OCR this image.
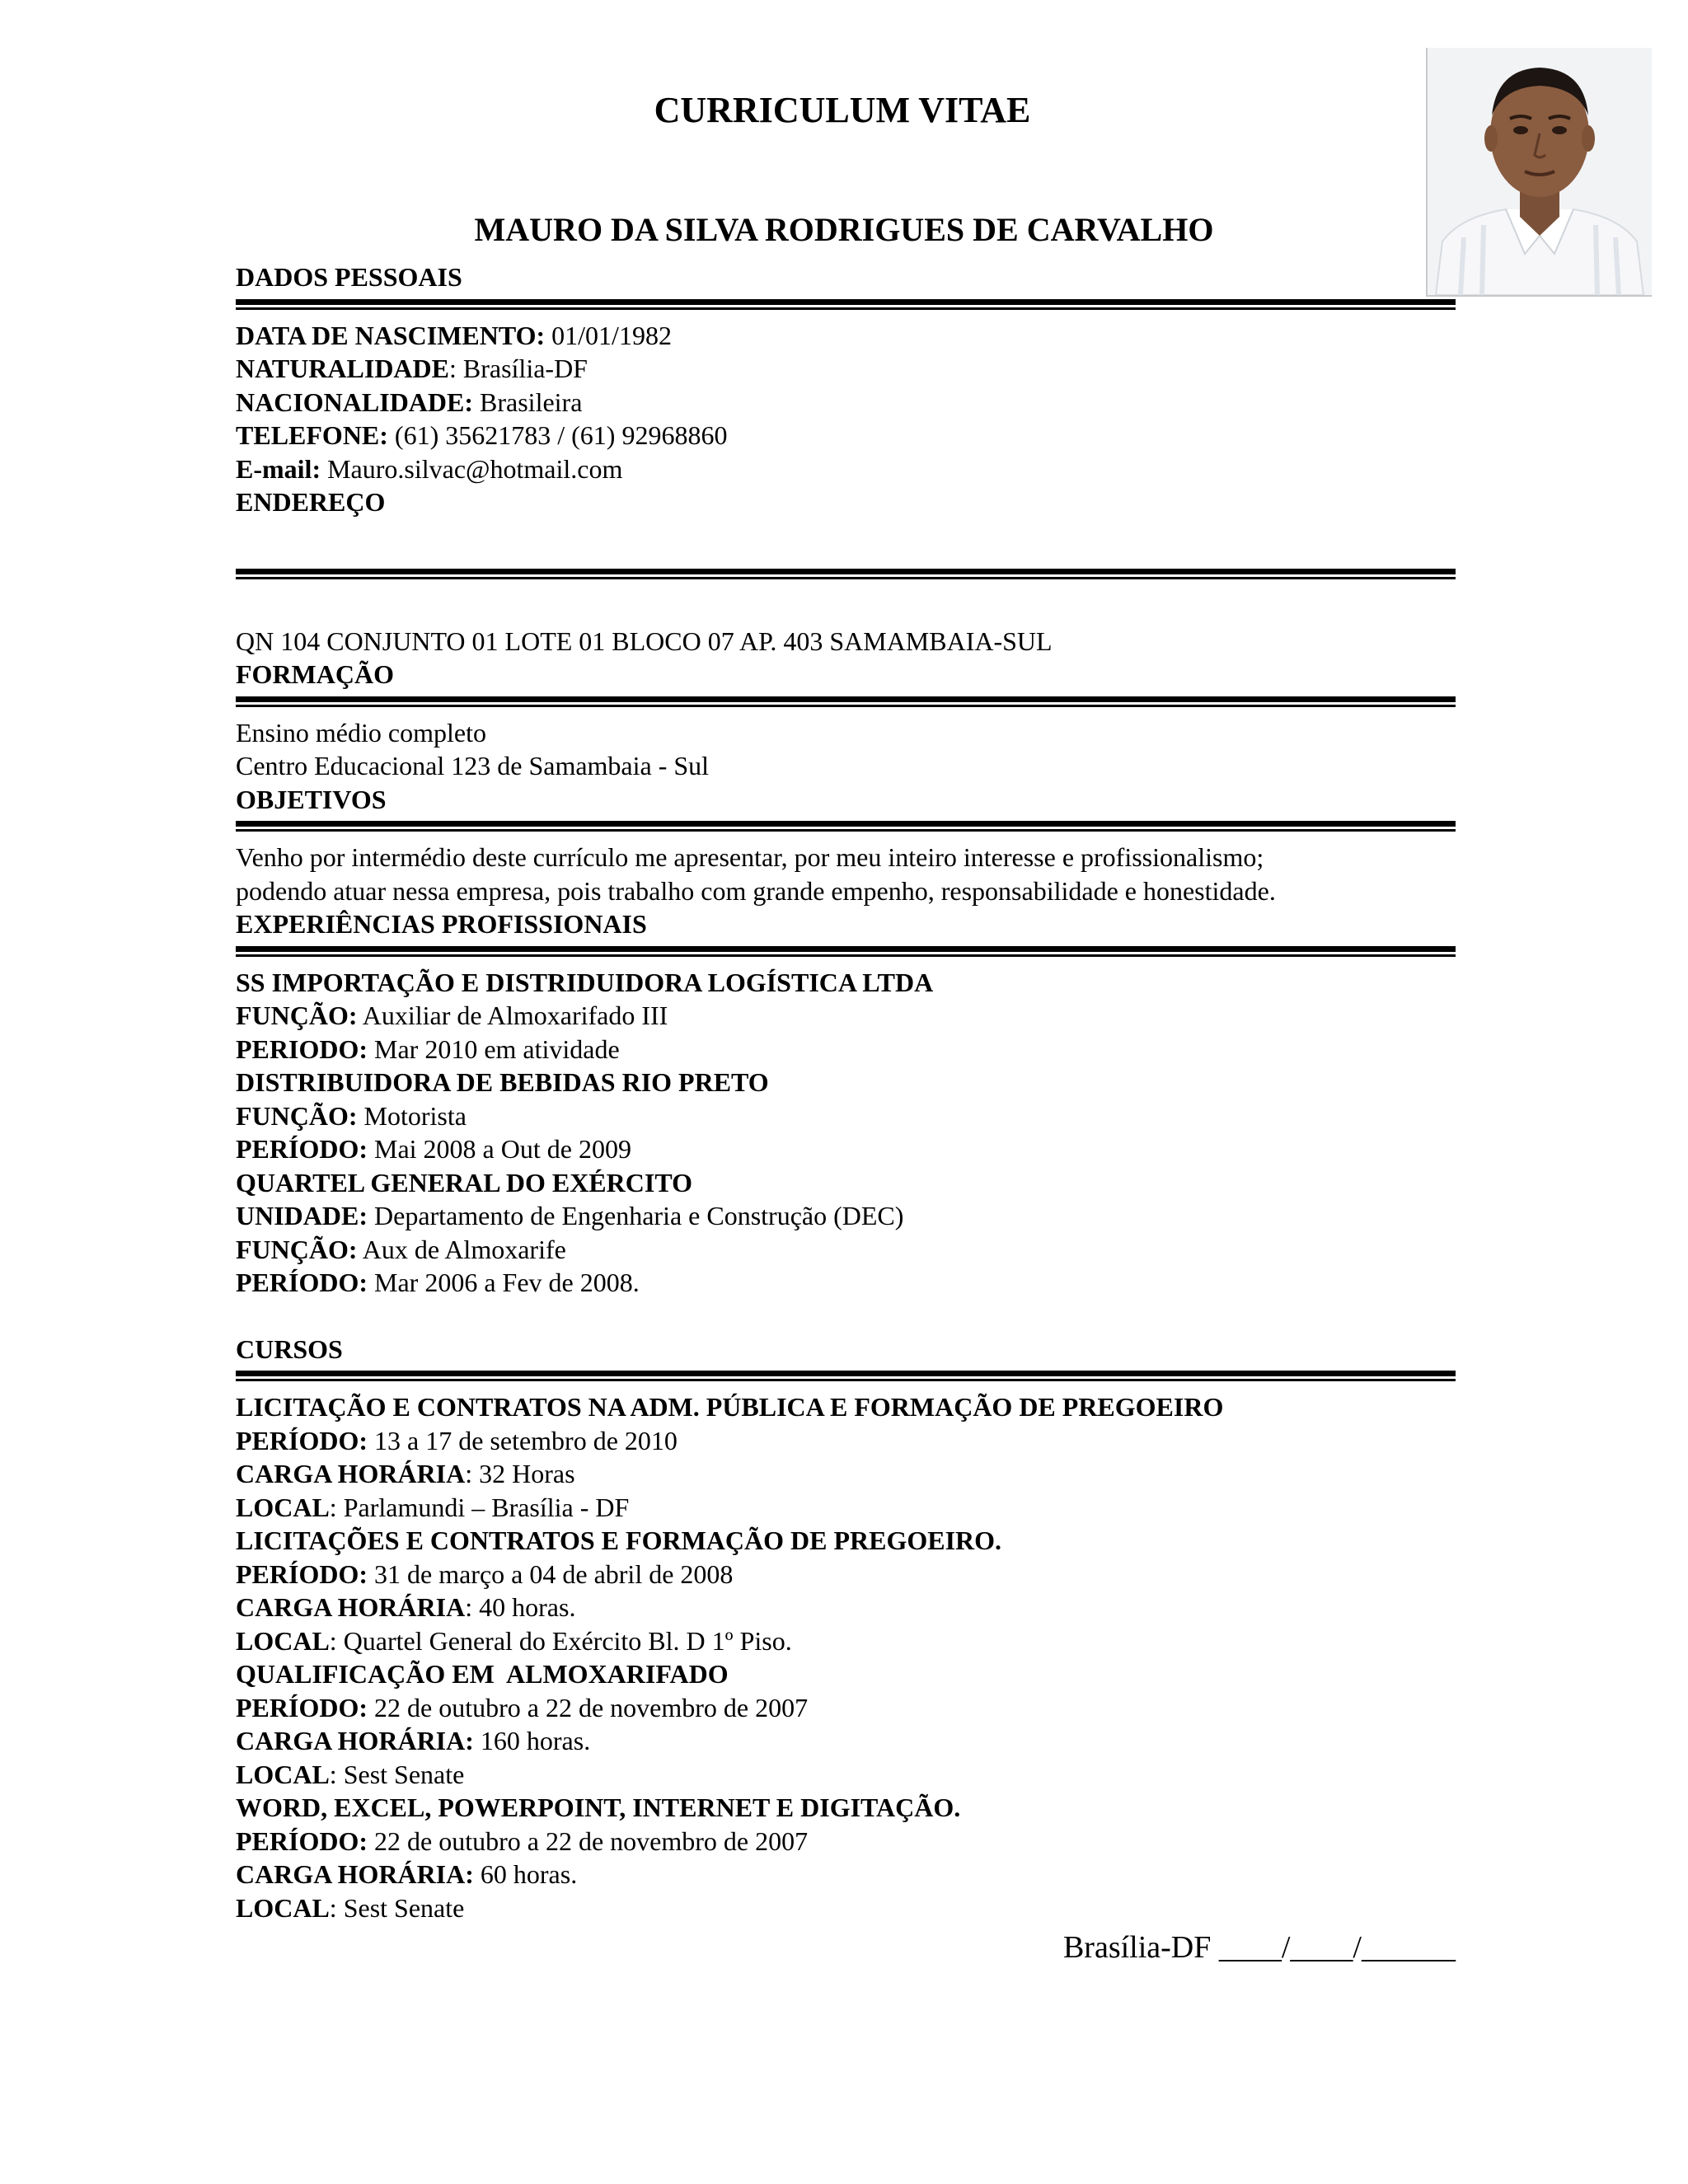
CURRICULUM VITAE
MAURO DA SILVA RODRIGUES DE CARVALHO
DADOS PESSOAIS
DATA DE NASCIMENTO: 01/01/1982
NATURALIDADE: Brasília-DF
NACIONALIDADE: Brasileira
TELEFONE: (61) 35621783 / (61) 92968860
E-mail: Mauro.silvac@hotmail.com
ENDEREÇO
QN 104 CONJUNTO 01 LOTE 01 BLOCO 07 AP. 403 SAMAMBAIA-SUL
FORMAÇÃO
Ensino médio completo
Centro Educacional 123 de Samambaia - Sul
OBJETIVOS
Venho por intermédio deste currículo me apresentar, por meu inteiro interesse e profissionalismo;
podendo atuar nessa empresa, pois trabalho com grande empenho, responsabilidade e honestidade.
EXPERIÊNCIAS PROFISSIONAIS
SS IMPORTAÇÃO E DISTRIDUIDORA LOGÍSTICA LTDA
FUNÇÃO: Auxiliar de Almoxarifado III
PERIODO: Mar 2010 em atividade
DISTRIBUIDORA DE BEBIDAS RIO PRETO
FUNÇÃO: Motorista
PERÍODO: Mai 2008 a Out de 2009
QUARTEL GENERAL DO EXÉRCITO
UNIDADE: Departamento de Engenharia e Construção (DEC)
FUNÇÃO: Aux de Almoxarife
PERÍODO: Mar 2006 a Fev de 2008.
CURSOS
LICITAÇÃO E CONTRATOS NA ADM. PÚBLICA E FORMAÇÃO DE PREGOEIRO
PERÍODO: 13 a 17 de setembro de 2010
CARGA HORÁRIA: 32 Horas
LOCAL: Parlamundi – Brasília - DF
LICITAÇÕES E CONTRATOS E FORMAÇÃO DE PREGOEIRO.
PERÍODO: 31 de março a 04 de abril de 2008
CARGA HORÁRIA: 40 horas.
LOCAL: Quartel General do Exército Bl. D 1º Piso.
QUALIFICAÇÃO EM  ALMOXARIFADO
PERÍODO: 22 de outubro a 22 de novembro de 2007
CARGA HORÁRIA: 160 horas.
LOCAL: Sest Senate
WORD, EXCEL, POWERPOINT, INTERNET E DIGITAÇÃO.
PERÍODO: 22 de outubro a 22 de novembro de 2007
CARGA HORÁRIA: 60 horas.
LOCAL: Sest Senate
Brasília-DF ____/____/______
